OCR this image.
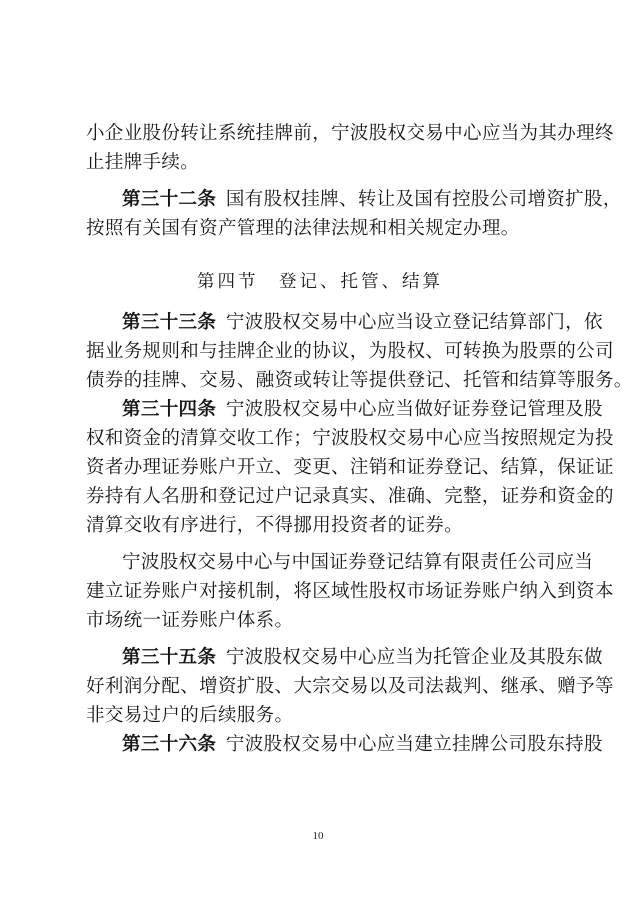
小企业股份转让系统挂牌前，宁波股权交易中心应当为其办理终
止挂牌手续。
第三十二条  国有股权挂牌、转让及国有控股公司增资扩股，
按照有关国有资产管理的法律法规和相关规定办理。
第四节  登记、托管、结算
第三十三条  宁波股权交易中心应当设立登记结算部门，依
据业务规则和与挂牌企业的协议，为股权、可转换为股票的公司
债券的挂牌、交易、融资或转让等提供登记、托管和结算等服务。
第三十四条  宁波股权交易中心应当做好证券登记管理及股
权和资金的清算交收工作；宁波股权交易中心应当按照规定为投
资者办理证券账户开立、变更、注销和证券登记、结算，保证证
券持有人名册和登记过户记录真实、准确、完整，证券和资金的
清算交收有序进行，不得挪用投资者的证券。
宁波股权交易中心与中国证券登记结算有限责任公司应当
建立证券账户对接机制，将区域性股权市场证券账户纳入到资本
市场统一证券账户体系。
第三十五条  宁波股权交易中心应当为托管企业及其股东做
好利润分配、增资扩股、大宗交易以及司法裁判、继承、赠予等
非交易过户的后续服务。
第三十六条  宁波股权交易中心应当建立挂牌公司股东持股
10
